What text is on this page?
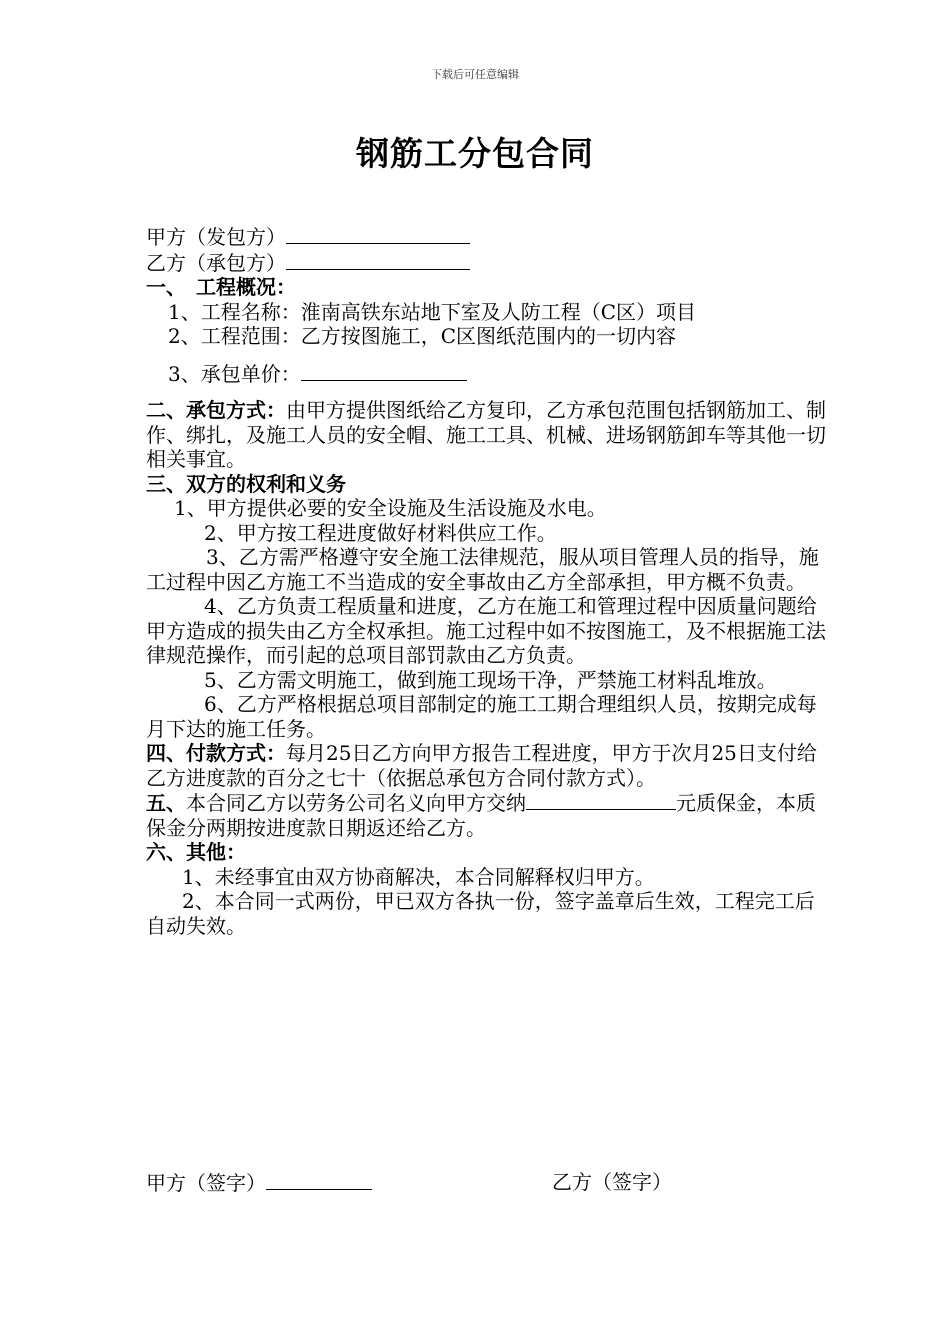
下载后可任意编辑
钢筋工分包合同
甲方（发包方）
乙方（承包方）
一、　工程概况：
1、工程名称：淮南高铁东站地下室及人防工程（C区）项目
2、工程范围：乙方按图施工，C区图纸范围内的一切内容
3、承包单价：
二、承包方式：由甲方提供图纸给乙方复印，乙方承包范围包括钢筋加工、制作、绑扎，及施工人员的安全帽、施工工具、机械、进场钢筋卸车等其他一切相关事宜。
三、双方的权利和义务
1、甲方提供必要的安全设施及生活设施及水电。
2、甲方按工程进度做好材料供应工作。
3、乙方需严格遵守安全施工法律规范，服从项目管理人员的指导，施工过程中因乙方施工不当造成的安全事故由乙方全部承担，甲方概不负责。
4、乙方负责工程质量和进度，乙方在施工和管理过程中因质量问题给甲方造成的损失由乙方全权承担。施工过程中如不按图施工，及不根据施工法律规范操作，而引起的总项目部罚款由乙方负责。
5、乙方需文明施工，做到施工现场干净，严禁施工材料乱堆放。
6、乙方严格根据总项目部制定的施工工期合理组织人员，按期完成每月下达的施工任务。
四、付款方式：每月25日乙方向甲方报告工程进度，甲方于次月25日支付给乙方进度款的百分之七十（依据总承包方合同付款方式）。
五、本合同乙方以劳务公司名义向甲方交纳	元质保金，本质保金分两期按进度款日期返还给乙方。
六、其他：
1、未经事宜由双方协商解决，本合同解释权归甲方。
2、本合同一式两份，甲已双方各执一份，签字盖章后生效，工程完工后自动失效。
甲方（签字）	乙方（签字）
